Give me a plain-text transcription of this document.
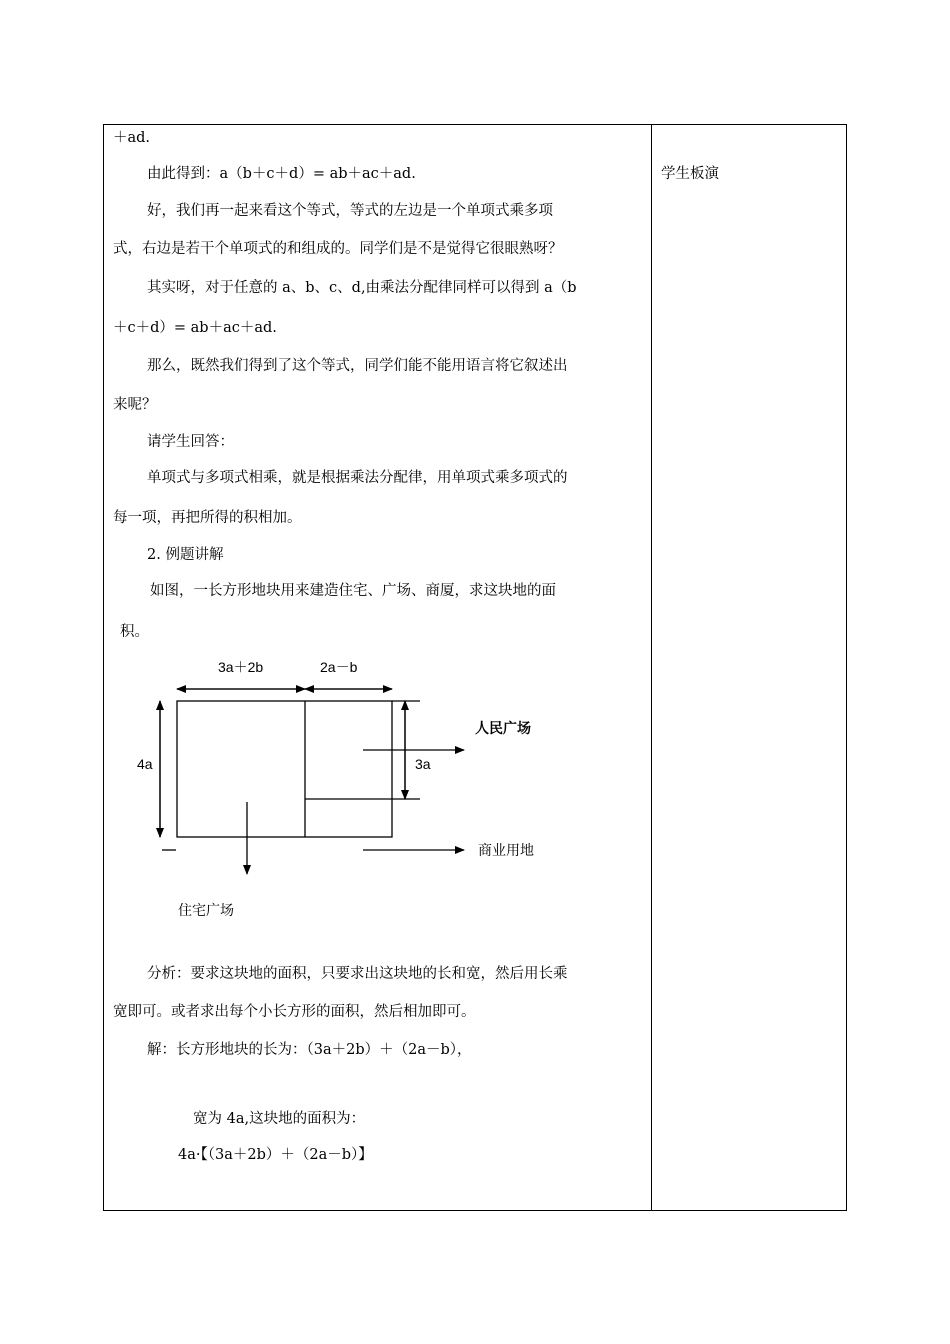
＋ad.
由此得到：a（b＋c＋d）= ab＋ac＋ad.
好，我们再一起来看这个等式，等式的左边是一个单项式乘多项
式，右边是若干个单项式的和组成的。同学们是不是觉得它很眼熟呀？
其实呀，对于任意的 a、b、c、d,由乘法分配律同样可以得到 a（b
＋c＋d）= ab＋ac＋ad.
那么，既然我们得到了这个等式，同学们能不能用语言将它叙述出
来呢？
请学生回答：
单项式与多项式相乘，就是根据乘法分配律，用单项式乘多项式的
每一项，再把所得的积相加。
2. 例题讲解
如图，一长方形地块用来建造住宅、广场、商厦，求这块地的面
积。
3a＋2b	2a－b
4a	3a
人民广场
商业用地
住宅广场
分析：要求这块地的面积，只要求出这块地的长和宽，然后用长乘
宽即可。或者求出每个小长方形的面积，然后相加即可。
解：长方形地块的长为：（3a＋2b）＋（2a－b），
宽为 4a,这块地的面积为：
4a·【（3a＋2b）＋（2a－b）】
学生板演
